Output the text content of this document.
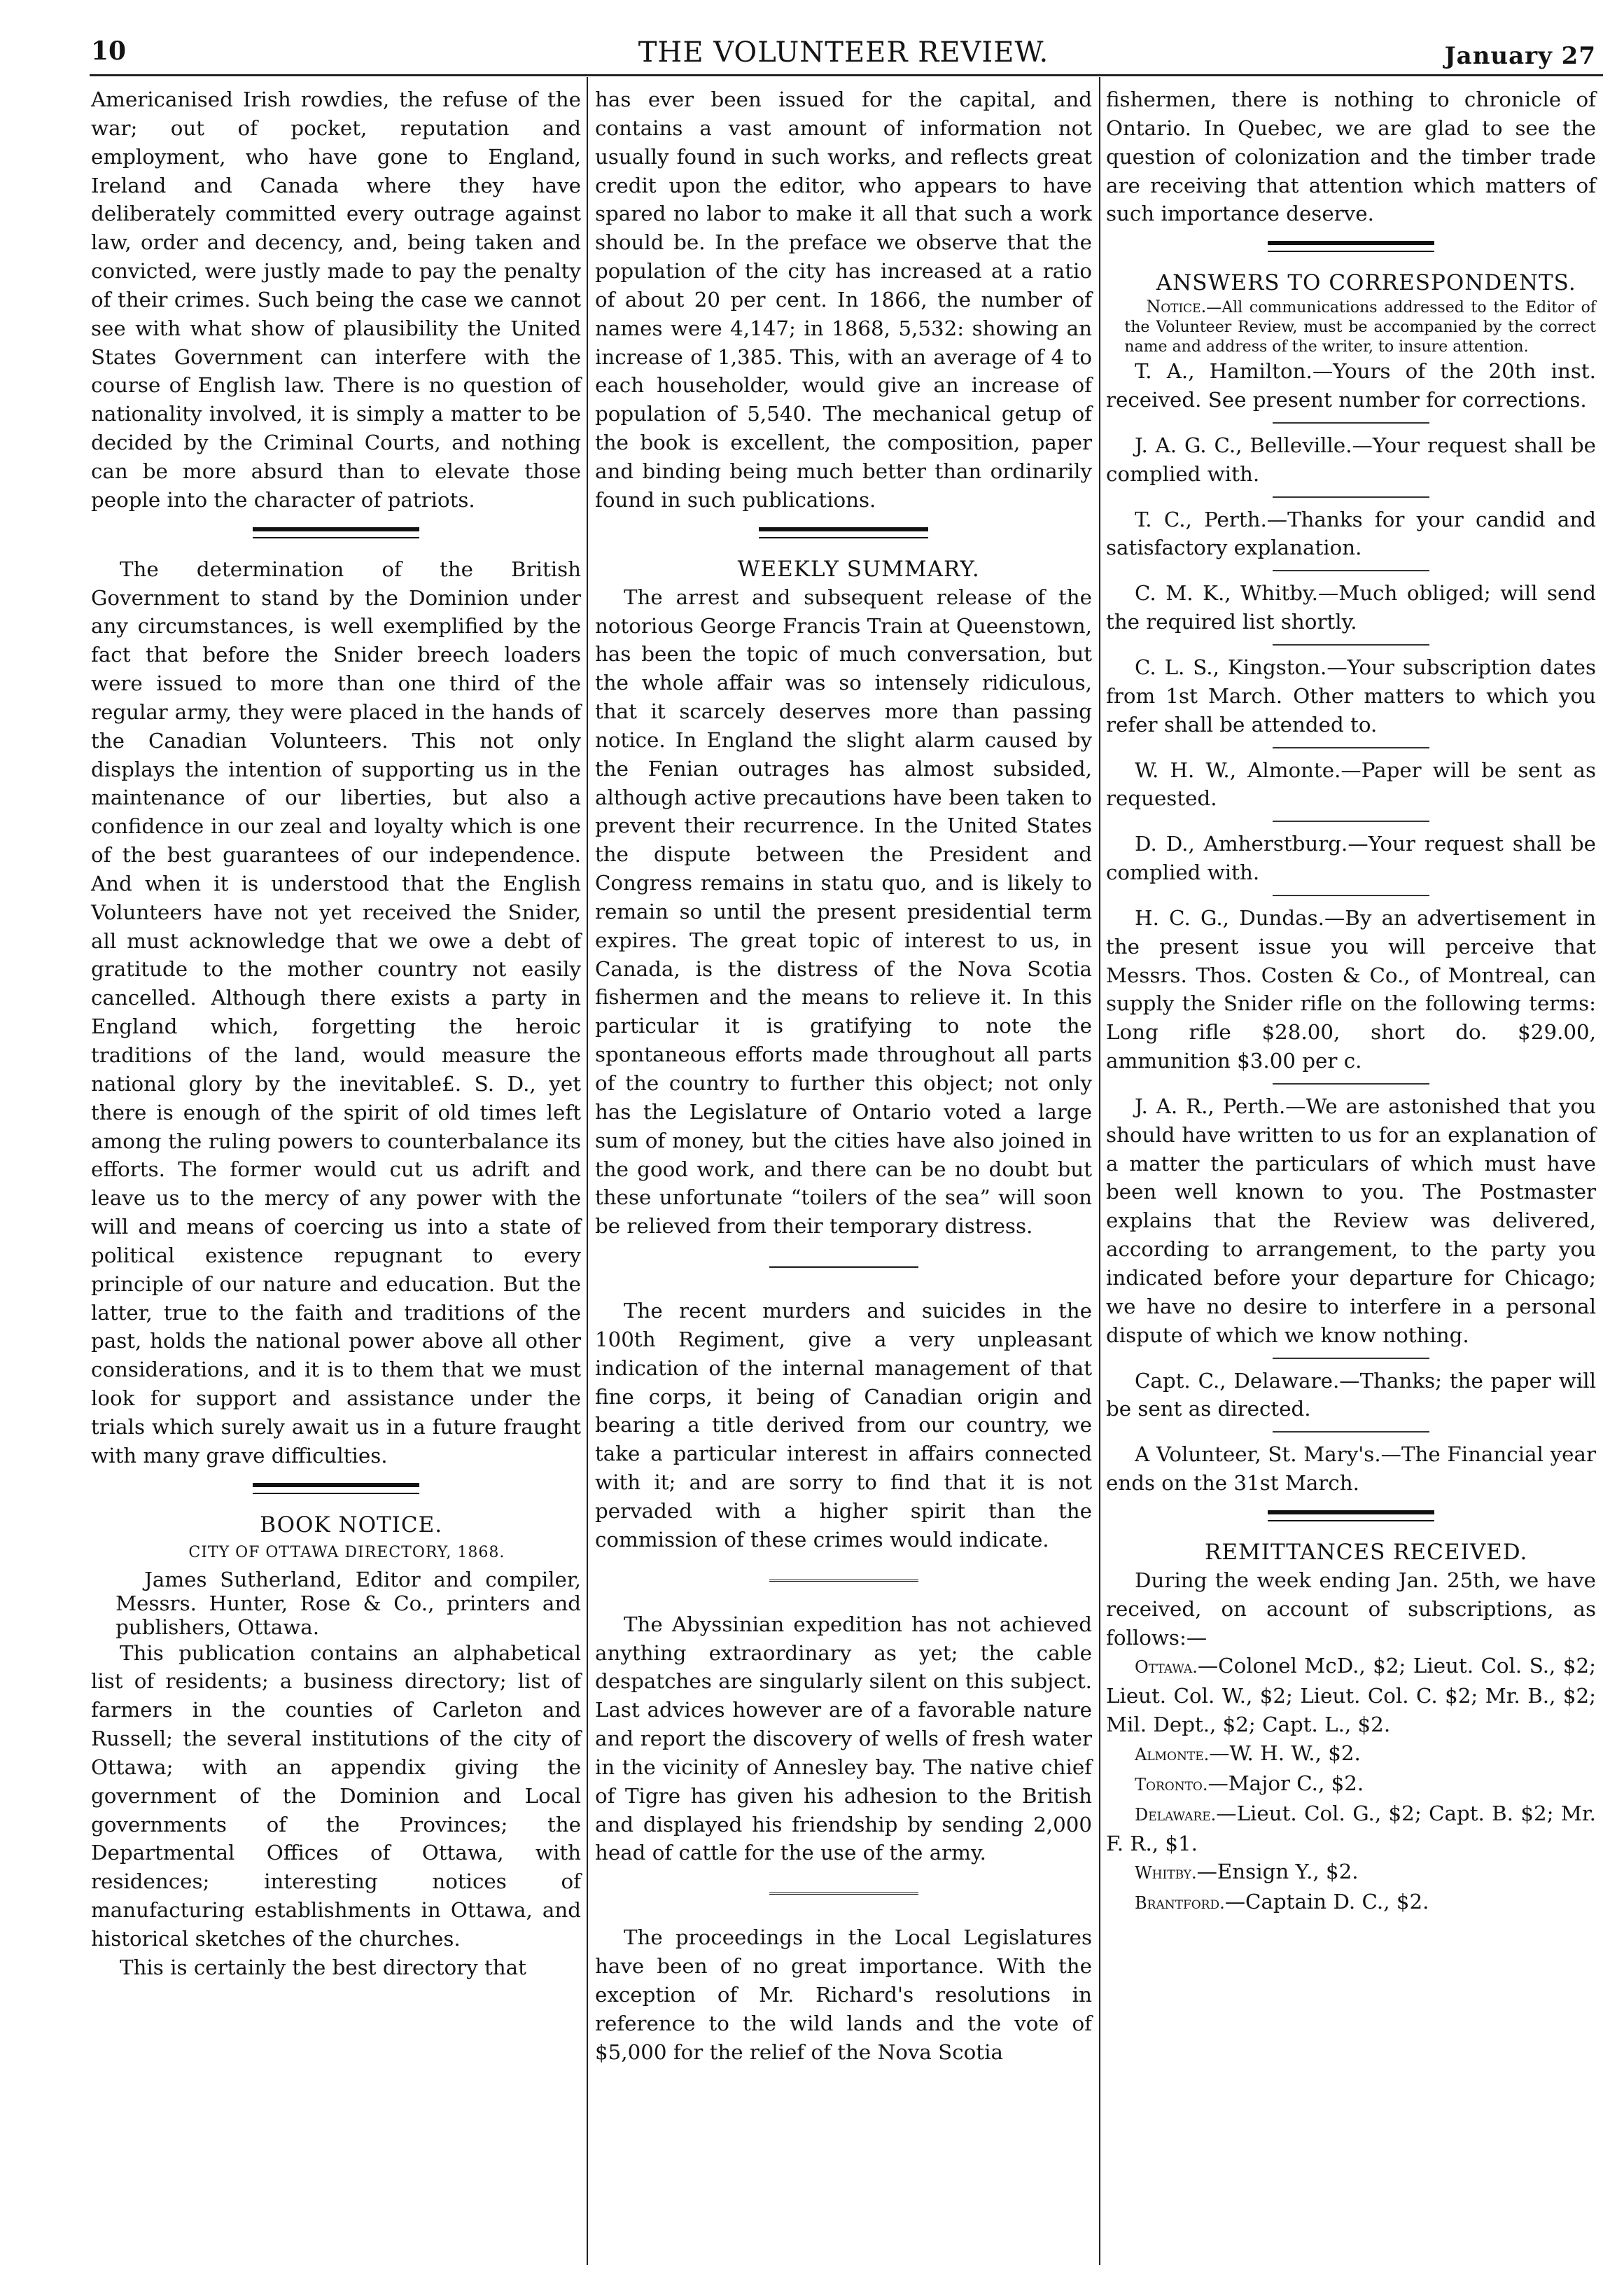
10	THE VOLUNTEER REVIEW.	January 27

Americanised Irish rowdies, the refuse of the war; out of pocket, reputation and employment, who have gone to England, Ireland and Canada where they have deliberately committed every outrage against law, order and decency, and, being taken and convicted, were justly made to pay the penalty of their crimes. Such being the case we cannot see with what show of plausibility the United States Government can interfere with the course of English law. There is no question of nationality involved, it is simply a matter to be decided by the Criminal Courts, and nothing can be more absurd than to elevate those people into the character of patriots.

The determination of the British Government to stand by the Dominion under any circumstances, is well exemplified by the fact that before the Snider breech loaders were issued to more than one third of the regular army, they were placed in the hands of the Canadian Volunteers. This not only displays the intention of supporting us in the maintenance of our liberties, but also a confidence in our zeal and loyalty which is one of the best guarantees of our independence. And when it is understood that the English Volunteers have not yet received the Snider, all must acknowledge that we owe a debt of gratitude to the mother country not easily cancelled. Although there exists a party in England which, forgetting the heroic traditions of the land, would measure the national glory by the inevitable£. S. D., yet there is enough of the spirit of old times left among the ruling powers to counterbalance its efforts. The former would cut us adrift and leave us to the mercy of any power with the will and means of coercing us into a state of political existence repugnant to every principle of our nature and education. But the latter, true to the faith and traditions of the past, holds the national power above all other considerations, and it is to them that we must look for support and assistance under the trials which surely await us in a future fraught with many grave difficulties.

BOOK NOTICE.

CITY OF OTTAWA DIRECTORY, 1868.

James Sutherland, Editor and compiler, Messrs. Hunter, Rose & Co., printers and publishers, Ottawa.

This publication contains an alphabetical list of residents; a business directory; list of farmers in the counties of Carleton and Russell; the several institutions of the city of Ottawa; with an appendix giving the government of the Dominion and Local governments of the Provinces; the Departmental Offices of Ottawa, with residences; interesting notices of manufacturing establishments in Ottawa, and historical sketches of the churches.

This is certainly the best directory that

has ever been issued for the capital, and contains a vast amount of information not usually found in such works, and reflects great credit upon the editor, who appears to have spared no labor to make it all that such a work should be. In the preface we observe that the population of the city has increased at a ratio of about 20 per cent. In 1866, the number of names were 4,147; in 1868, 5,532: showing an increase of 1,385. This, with an average of 4 to each householder, would give an increase of population of 5,540. The mechanical getup of the book is excellent, the composition, paper and binding being much better than ordinarily found in such publications.

WEEKLY SUMMARY.

The arrest and subsequent release of the notorious George Francis Train at Queenstown, has been the topic of much conversation, but the whole affair was so intensely ridiculous, that it scarcely deserves more than passing notice. In England the slight alarm caused by the Fenian outrages has almost subsided, although active precautions have been taken to prevent their recurrence. In the United States the dispute between the President and Congress remains in statu quo, and is likely to remain so until the present presidential term expires. The great topic of interest to us, in Canada, is the distress of the Nova Scotia fishermen and the means to relieve it. In this particular it is gratifying to note the spontaneous efforts made throughout all parts of the country to further this object; not only has the Legislature of Ontario voted a large sum of money, but the cities have also joined in the good work, and there can be no doubt but these unfortunate “toilers of the sea” will soon be relieved from their temporary distress.

The recent murders and suicides in the 100th Regiment, give a very unpleasant indication of the internal management of that fine corps, it being of Canadian origin and bearing a title derived from our country, we take a particular interest in affairs connected with it; and are sorry to find that it is not pervaded with a higher spirit than the commission of these crimes would indicate.

The Abyssinian expedition has not achieved anything extraordinary as yet; the cable despatches are singularly silent on this subject. Last advices however are of a favorable nature and report the discovery of wells of fresh water in the vicinity of Annesley bay. The native chief of Tigre has given his adhesion to the British and displayed his friendship by sending 2,000 head of cattle for the use of the army.

The proceedings in the Local Legislatures have been of no great importance. With the exception of Mr. Richard's resolutions in reference to the wild lands and the vote of $5,000 for the relief of the Nova Scotia

fishermen, there is nothing to chronicle of Ontario. In Quebec, we are glad to see the question of colonization and the timber trade are receiving that attention which matters of such importance deserve.

ANSWERS TO CORRESPONDENTS.

Notice.—All communications addressed to the Editor of the Volunteer Review, must be accompanied by the correct name and address of the writer, to insure attention.

T. A., Hamilton.—Yours of the 20th inst. received. See present number for corrections.

J. A. G. C., Belleville.—Your request shall be complied with.

T. C., Perth.—Thanks for your candid and satisfactory explanation.

C. M. K., Whitby.—Much obliged; will send the required list shortly.

C. L. S., Kingston.—Your subscription dates from 1st March. Other matters to which you refer shall be attended to.

W. H. W., Almonte.—Paper will be sent as requested.

D. D., Amherstburg.—Your request shall be complied with.

H. C. G., Dundas.—By an advertisement in the present issue you will perceive that Messrs. Thos. Costen & Co., of Montreal, can supply the Snider rifle on the following terms: Long rifle $28.00, short do. $29.00, ammunition $3.00 per c.

J. A. R., Perth.—We are astonished that you should have written to us for an explanation of a matter the particulars of which must have been well known to you. The Postmaster explains that the Review was delivered, according to arrangement, to the party you indicated before your departure for Chicago; we have no desire to interfere in a personal dispute of which we know nothing.

Capt. C., Delaware.—Thanks; the paper will be sent as directed.

A Volunteer, St. Mary's.—The Financial year ends on the 31st March.

REMITTANCES RECEIVED.

During the week ending Jan. 25th, we have received, on account of subscriptions, as follows:—

Ottawa.—Colonel McD., $2; Lieut. Col. S., $2; Lieut. Col. W., $2; Lieut. Col. C. $2; Mr. B., $2; Mil. Dept., $2; Capt. L., $2.

Almonte.—W. H. W., $2.

Toronto.—Major C., $2.

Delaware.—Lieut. Col. G., $2; Capt. B. $2; Mr. F. R., $1.

Whitby.—Ensign Y., $2.

Brantford.—Captain D. C., $2.
